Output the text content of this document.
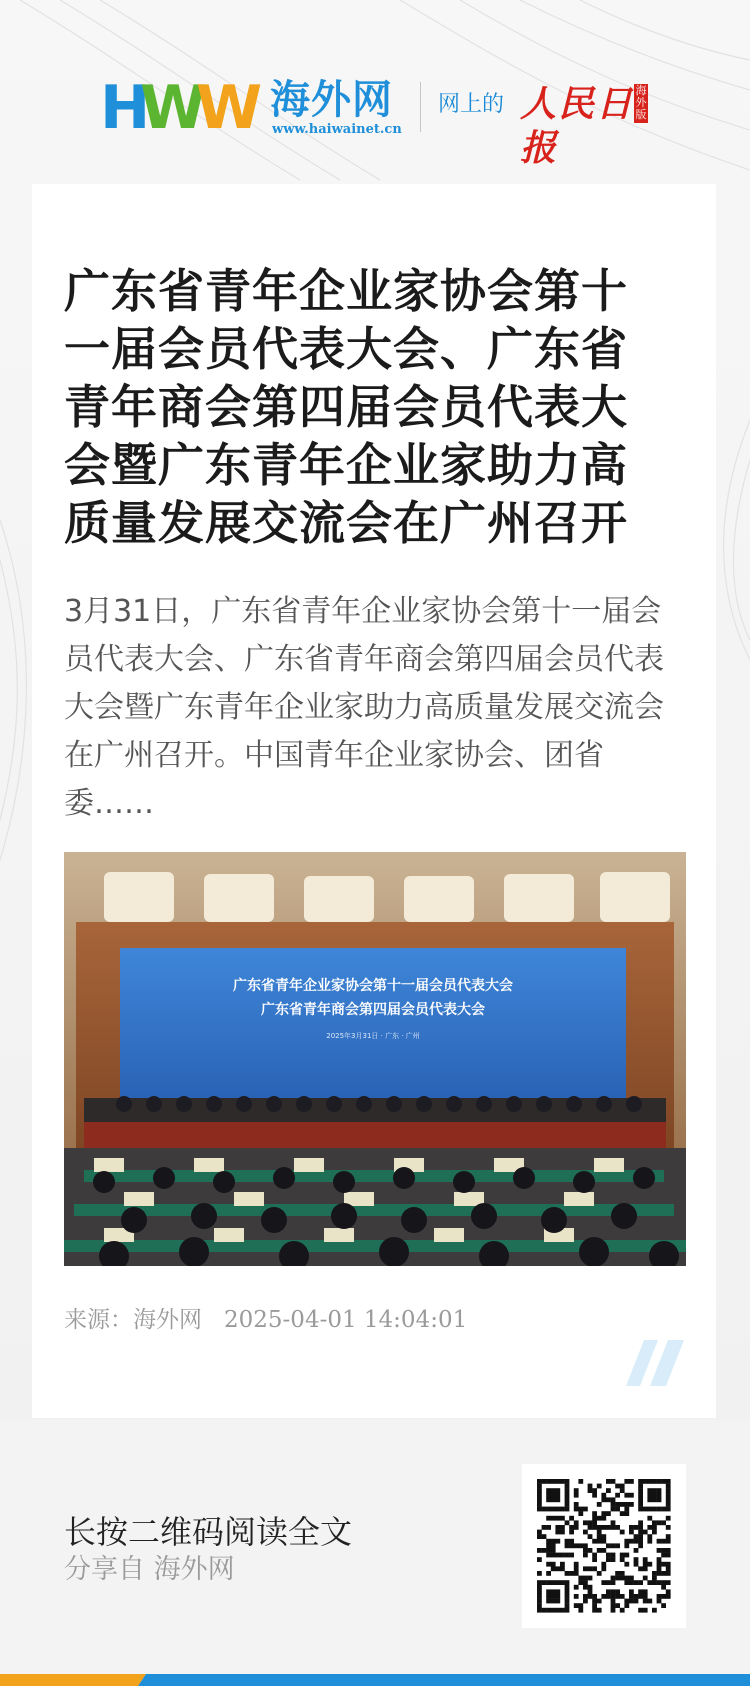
H
W
W 海外网
www.haiwainet.cn
网上的 人民日报
海外版
广东省青年企业家协会第十一届会员代表大会、广东省青年商会第四届会员代表大会暨广东青年企业家助力高质量发展交流会在广州召开

3月31日，广东省青年企业家协会第十一届会员代表大会、广东省青年商会第四届会员代表大会暨广东青年企业家助力高质量发展交流会在广州召开。中国青年企业家协会、团省委……

广东省青年企业家协会第十一届会员代表大会
广东省青年商会第四届会员代表大会
2025年3月31日 · 广东 · 广州
来源：海外网 2025-04-01 14:04:01
长按二维码阅读全文
分享自 海外网
